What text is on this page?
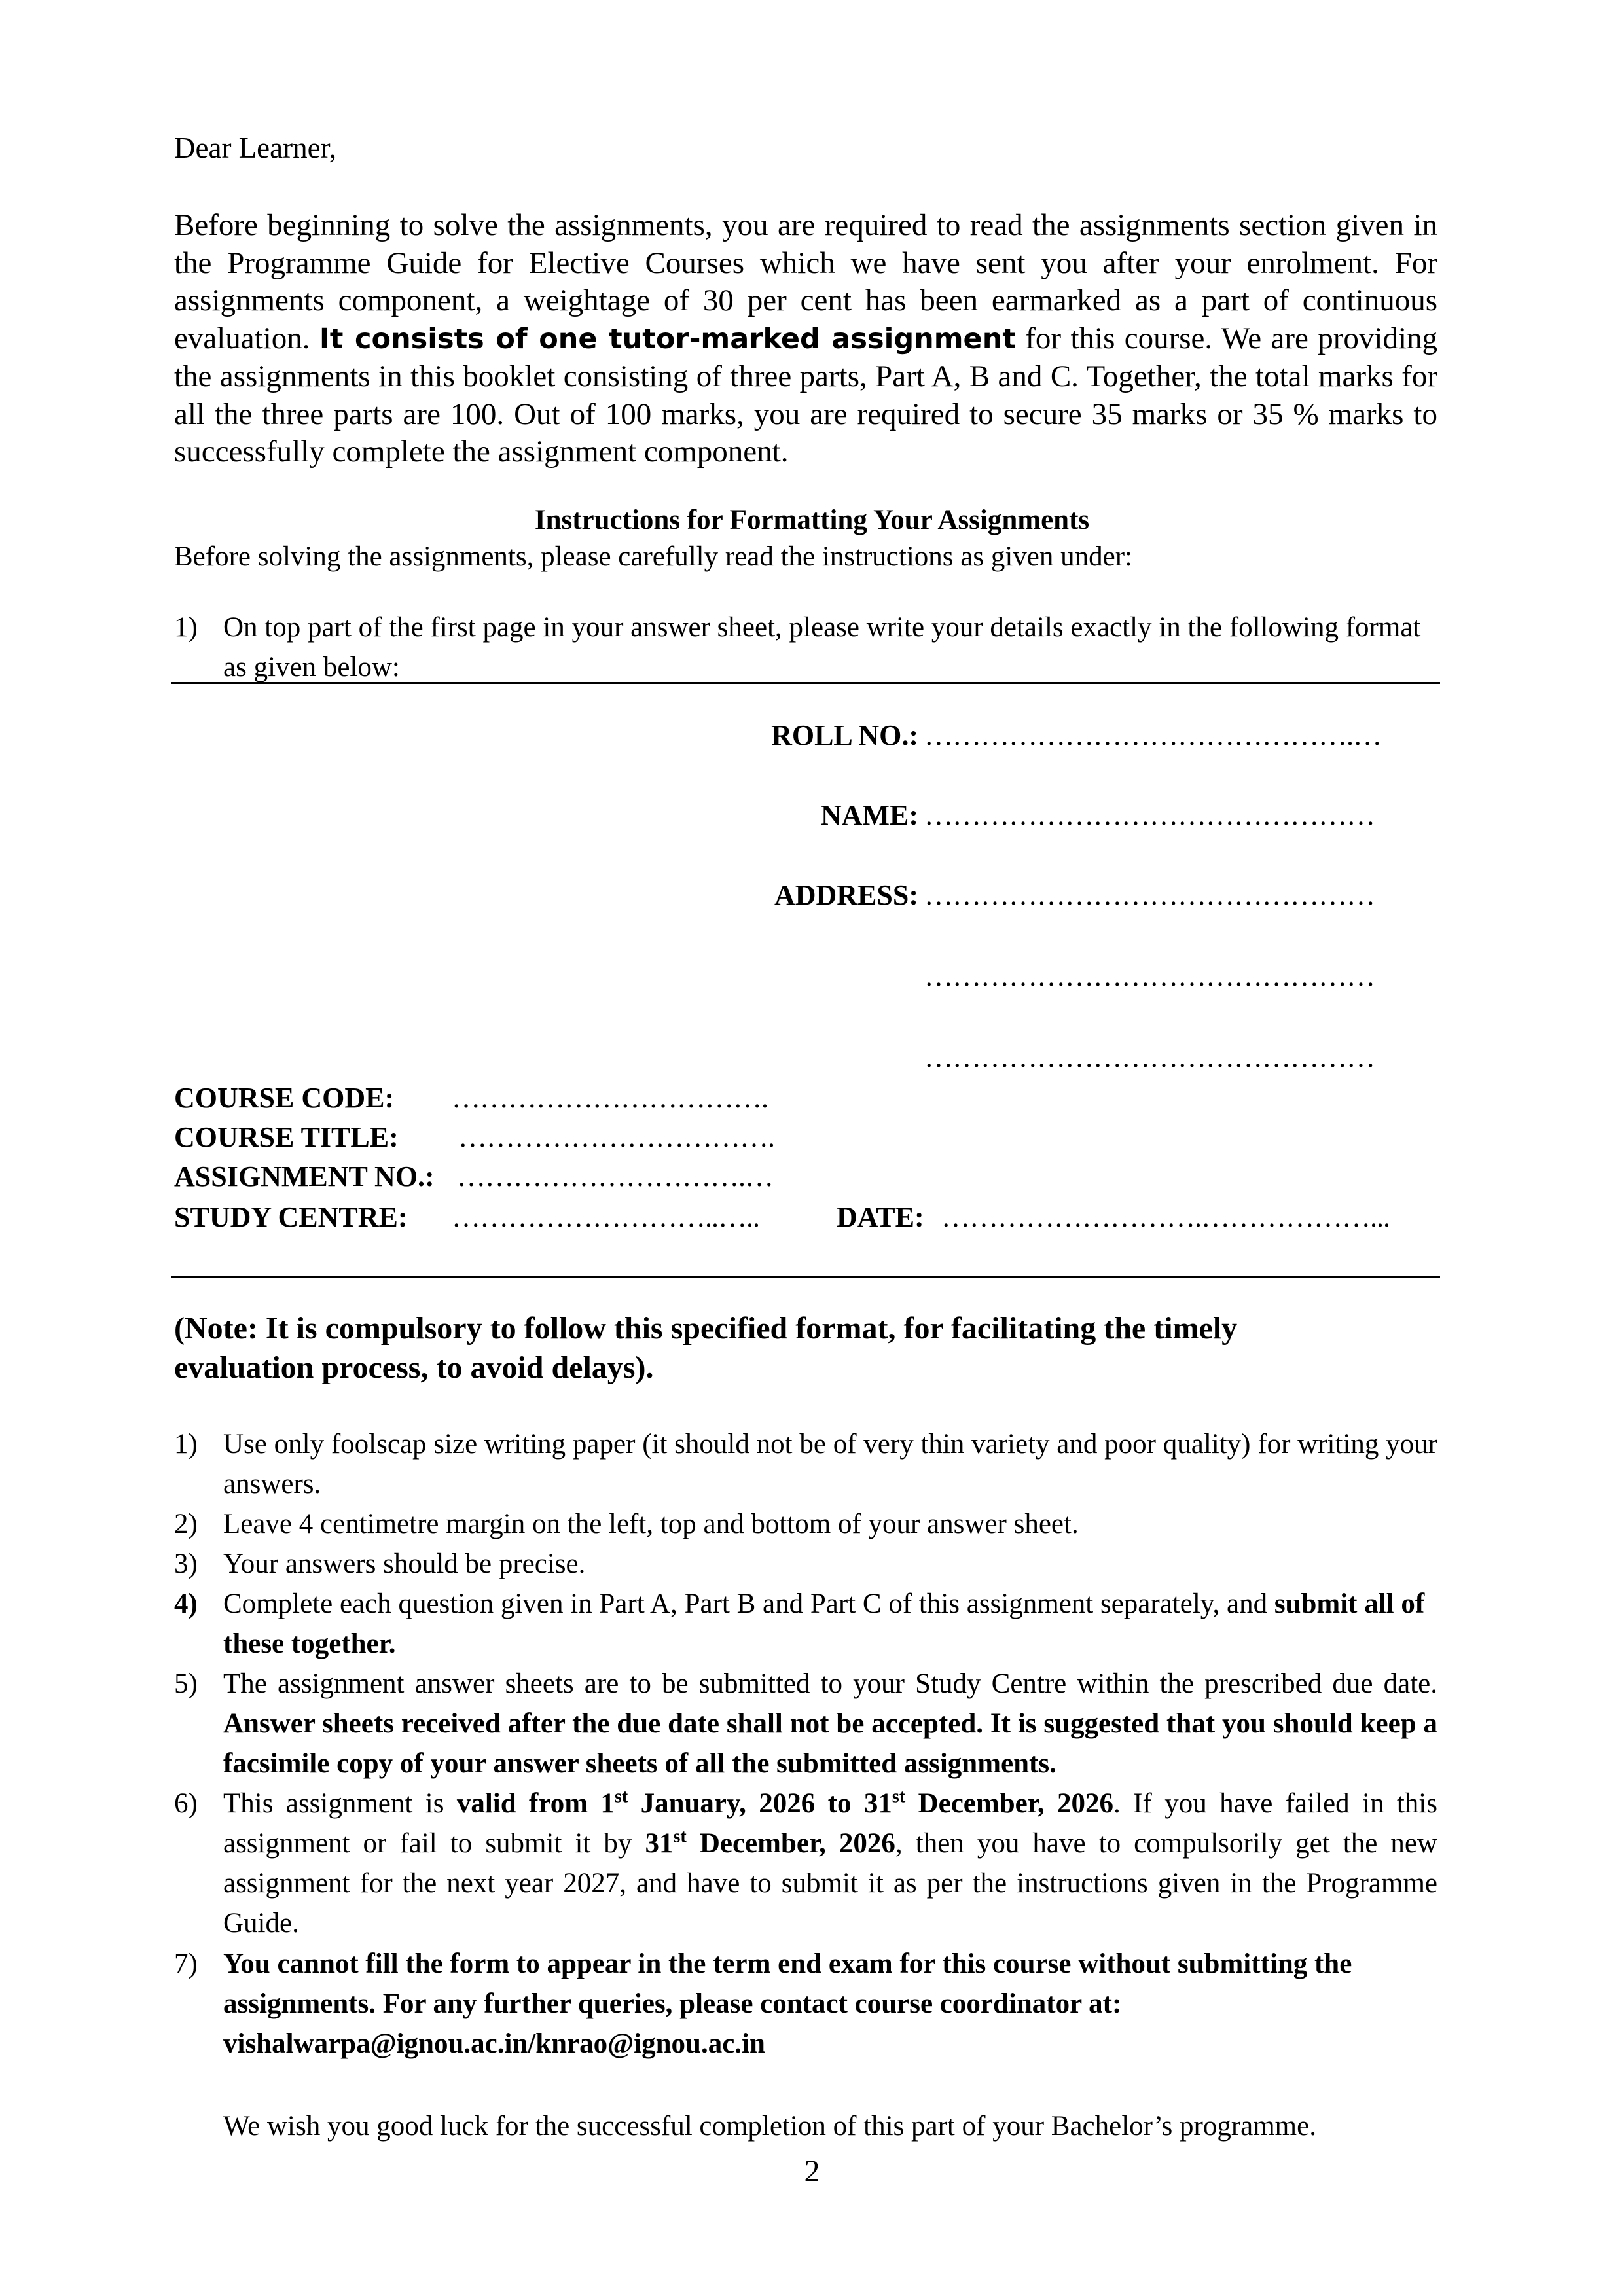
Dear Learner,
Before beginning to solve the assignments, you are required to read the assignments section given in the Programme Guide for Elective Courses which we have sent you after your enrolment. For assignments component, a weightage of 30 per cent has been earmarked as a part of continuous evaluation. It consists of one tutor-marked assignment for this course. We are providing the assignments in this booklet consisting of three parts, Part A, B and C. Together, the total marks for all the three parts are 100. Out of 100 marks, you are required to secure 35 marks or 35 % marks to successfully complete the assignment component.
Instructions for Formatting Your Assignments
Before solving the assignments, please carefully read the instructions as given under:
1) On top part of the first page in your answer sheet, please write your details exactly in the following format as given below:
ROLL NO.: ……………………………………….…
NAME: …………………………………………
ADDRESS: …………………………………………
…………………………………………
…………………………………………
COURSE CODE: …………………………….
COURSE TITLE: …………………………….
ASSIGNMENT NO.: ………………………….…
STUDY CENTRE: ………………………..…..	DATE: ……………………….………………...
(Note: It is compulsory to follow this specified format, for facilitating the timely evaluation process, to avoid delays).
1) Use only foolscap size writing paper (it should not be of very thin variety and poor quality) for writing your answers.
2) Leave 4 centimetre margin on the left, top and bottom of your answer sheet.
3) Your answers should be precise.
4) Complete each question given in Part A, Part B and Part C of this assignment separately, and submit all of these together.
5) The assignment answer sheets are to be submitted to your Study Centre within the prescribed due date. Answer sheets received after the due date shall not be accepted. It is suggested that you should keep a facsimile copy of your answer sheets of all the submitted assignments.
6) This assignment is valid from 1st January, 2026 to 31st December, 2026. If you have failed in this assignment or fail to submit it by 31st December, 2026, then you have to compulsorily get the new assignment for the next year 2027, and have to submit it as per the instructions given in the Programme Guide.
7) You cannot fill the form to appear in the term end exam for this course without submitting the assignments. For any further queries, please contact course coordinator at: vishalwarpa@ignou.ac.in/knrao@ignou.ac.in
We wish you good luck for the successful completion of this part of your Bachelor’s programme.
2
